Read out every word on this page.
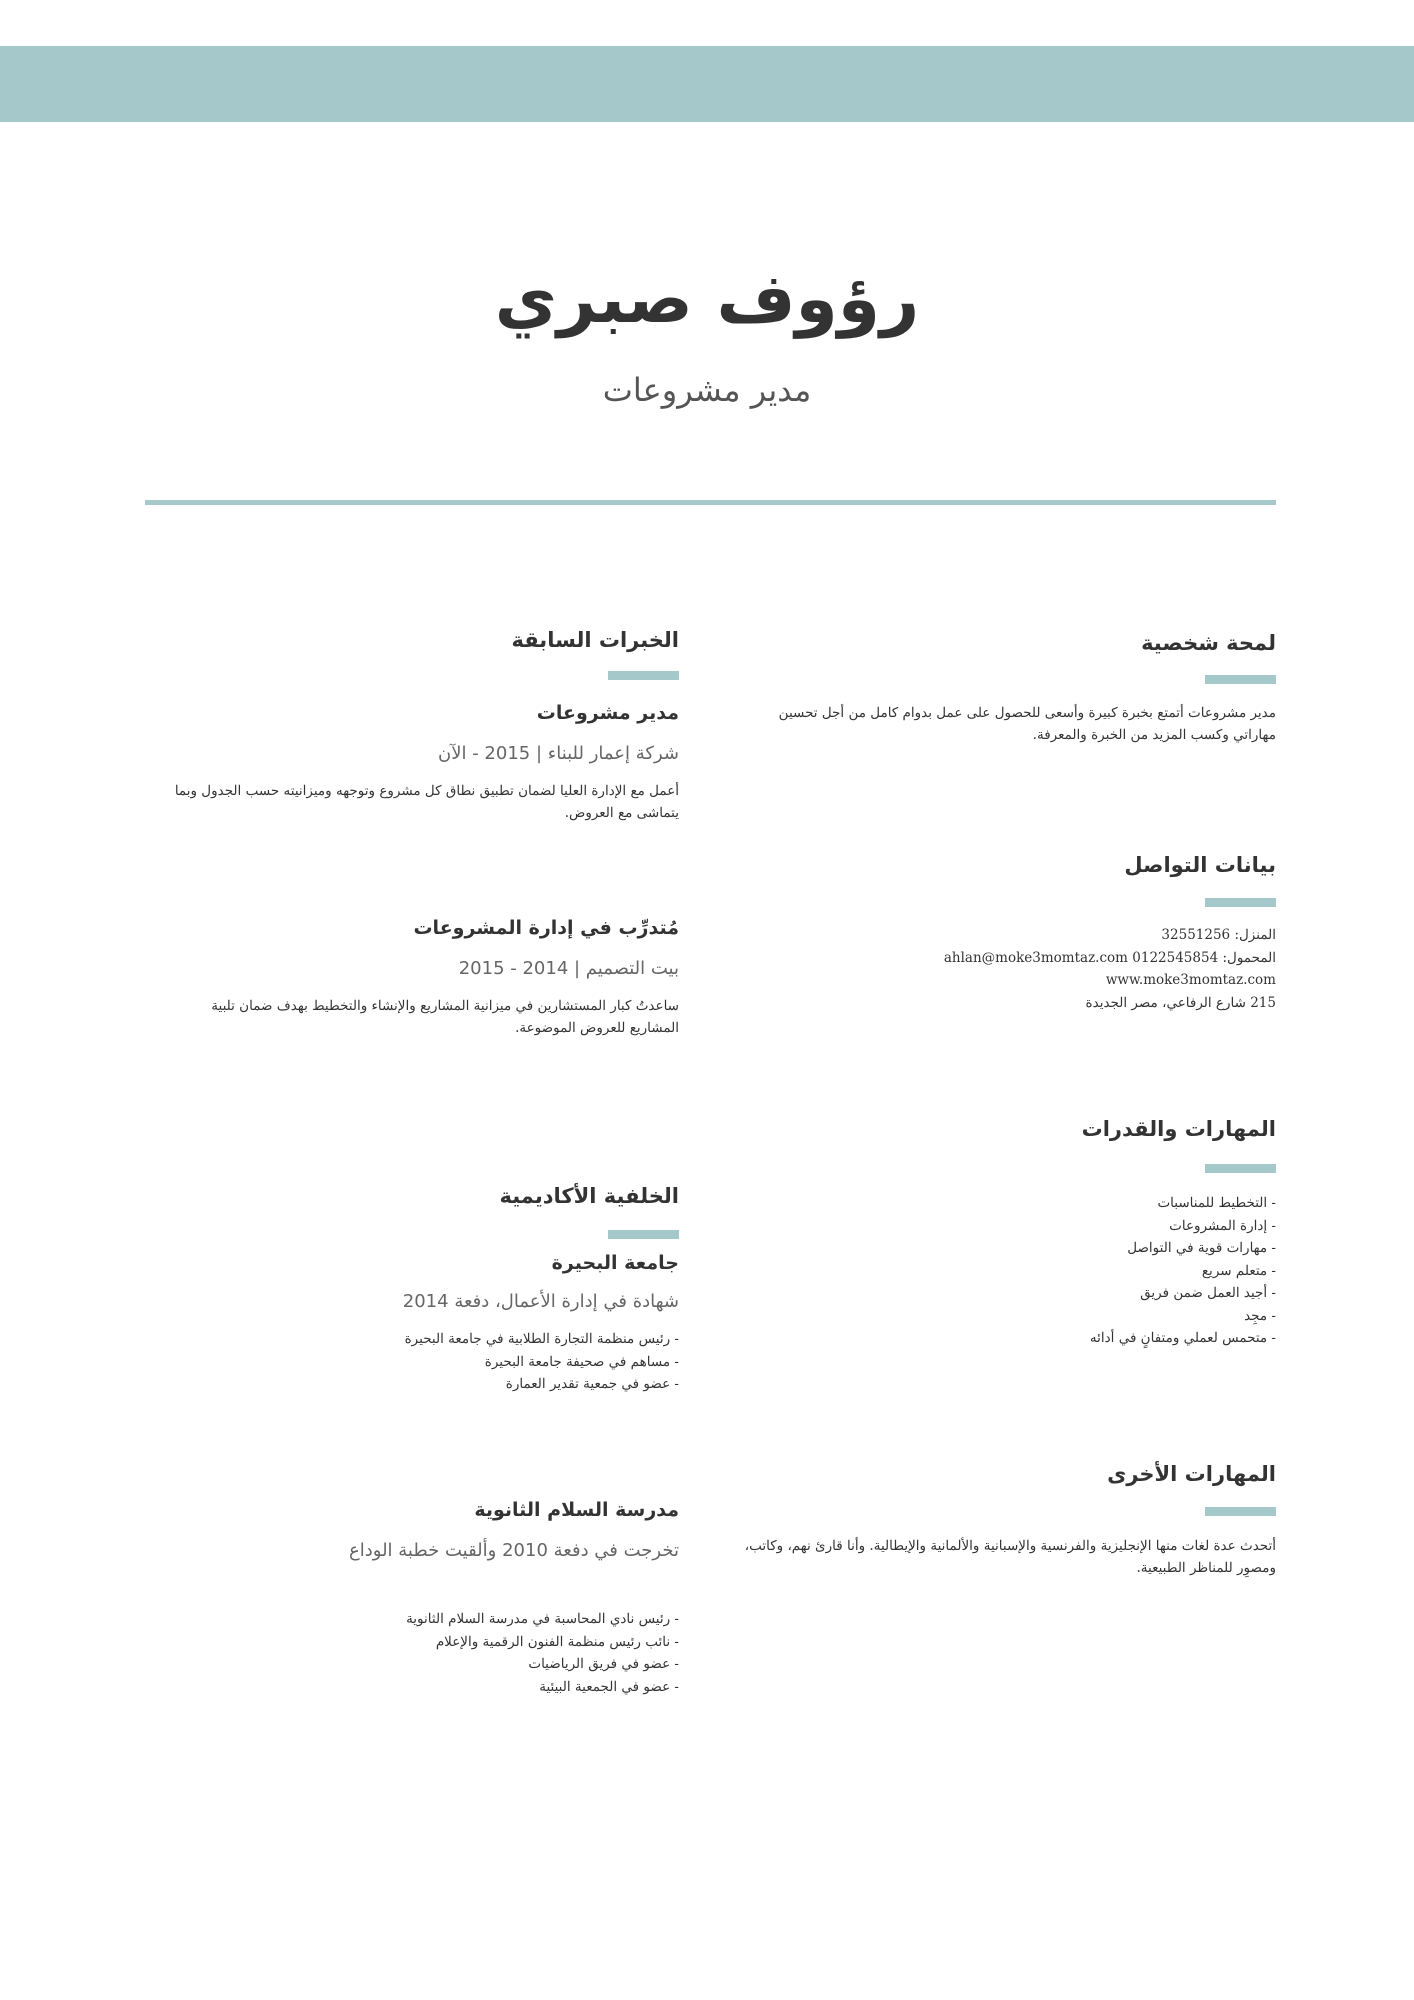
رؤوف صبري
مدير مشروعات
لمحة شخصية
مدير مشروعات أتمتع بخبرة كبيرة وأسعى للحصول على عمل بدوام كامل من أجل تحسين مهاراتي وكسب المزيد من الخبرة والمعرفة.
بيانات التواصل
المنزل: 32551256
المحمول: 0122545854 ahlan@moke3momtaz.com
www.moke3momtaz.com
215 شارع الرفاعي، مصر الجديدة
المهارات والقدرات
- التخطيط للمناسبات
- إدارة المشروعات
- مهارات قوية في التواصل
- متعلم سريع
- أجيد العمل ضمن فريق
- مجِد
- متحمس لعملي ومتفانٍ في أدائه
المهارات الأخرى
أتحدث عدة لغات منها الإنجليزية والفرنسية والإسبانية والألمانية والإيطالية. وأنا قارئ نهم، وكاتب، ومصوِر للمناظر الطبيعية.
الخبرات السابقة
مدير مشروعات
شركة إعمار للبناء | 2015 - الآن
أعمل مع الإدارة العليا لضمان تطبيق نطاق كل مشروع وتوجهه وميزانيته حسب الجدول وبما يتماشى مع العروض.
مُتدرِّب في إدارة المشروعات
بيت التصميم | 2014 - 2015
ساعدتُ كبار المستشارين في ميزانية المشاريع والإنشاء والتخطيط بهدف ضمان تلبية المشاريع للعروض الموضوعة.
الخلفية الأكاديمية
جامعة البحيرة
شهادة في إدارة الأعمال، دفعة 2014
- رئيس منظمة التجارة الطلابية في جامعة البحيرة
- مساهم في صحيفة جامعة البحيرة
- عضو في جمعية تقدير العمارة
مدرسة السلام الثانوية
تخرجت في دفعة 2010 وألقيت خطبة الوداع
- رئيس نادي المحاسبة في مدرسة السلام الثانوية
- نائب رئيس منظمة الفنون الرقمية والإعلام
- عضو في فريق الرياضيات
- عضو في الجمعية البيئية
